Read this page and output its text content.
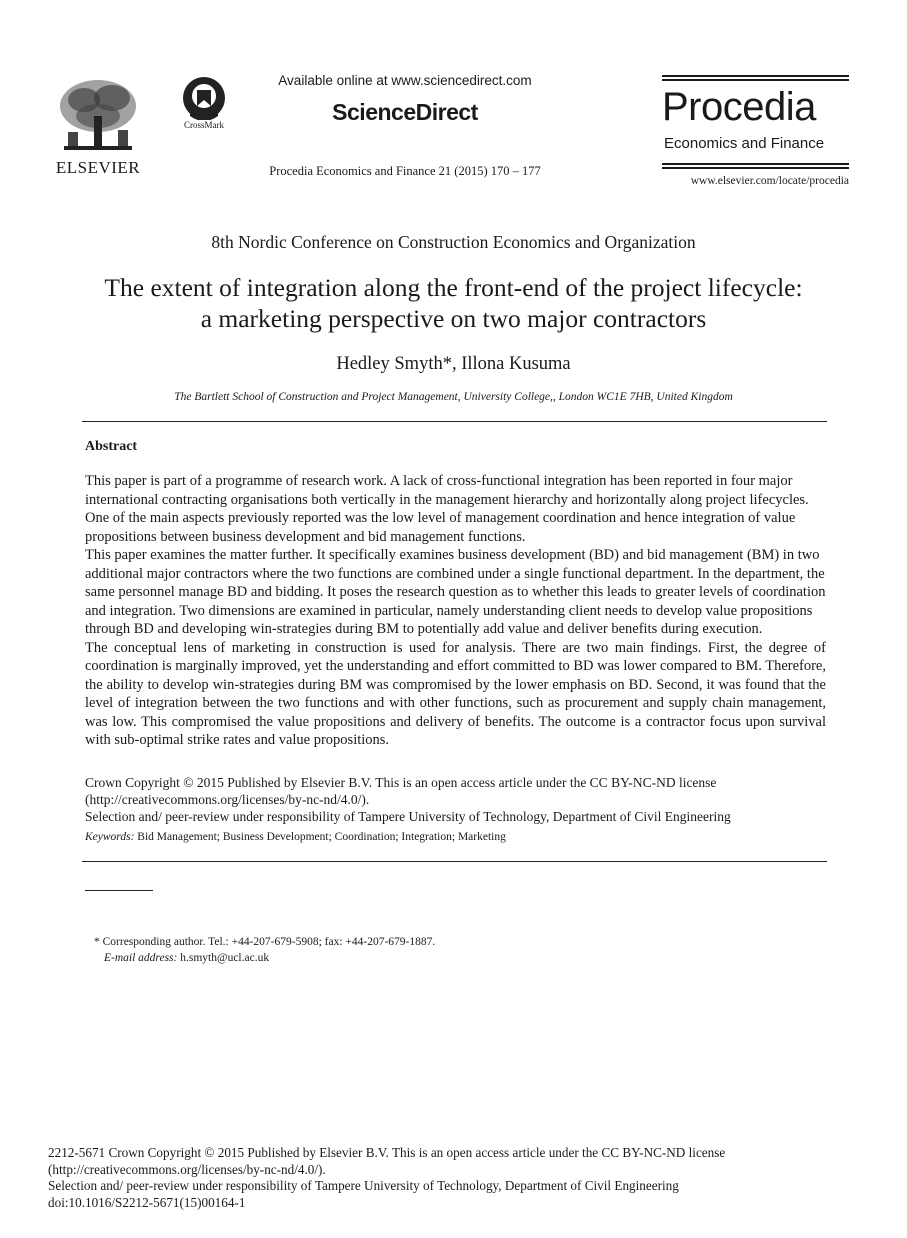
ELSEVIER
CrossMark
Available online at www.sciencedirect.com
ScienceDirect
Procedia Economics and Finance 21 (2015) 170 – 177
Procedia
Economics and Finance
www.elsevier.com/locate/procedia
8th Nordic Conference on Construction Economics and Organization
The extent of integration along the front-end of the project lifecycle:
a marketing perspective on two major contractors
Hedley Smyth*, Illona Kusuma
The Bartlett School of Construction and Project Management, University College,, London WC1E 7HB, United Kingdom
Abstract

This paper is part of a programme of research work. A lack of cross-functional integration has been reported in four major international contracting organisations both vertically in the management hierarchy and horizontally along project lifecycles. One of the main aspects previously reported was the low level of management coordination and hence integration of value propositions between business development and bid management functions.

This paper examines the matter further. It specifically examines business development (BD) and bid management (BM) in two additional major contractors where the two functions are combined under a single functional department. In the department, the same personnel manage BD and bidding. It poses the research question as to whether this leads to greater levels of coordination and integration. Two dimensions are examined in particular, namely understanding client needs to develop value propositions through BD and developing win-strategies during BM to potentially add value and deliver benefits during execution.

The conceptual lens of marketing in construction is used for analysis. There are two main findings. First, the degree of coordination is marginally improved, yet the understanding and effort committed to BD was lower compared to BM. Therefore, the ability to develop win-strategies during BM was compromised by the lower emphasis on BD. Second, it was found that the level of integration between the two functions and with other functions, such as procurement and supply chain management, was low. This compromised the value propositions and delivery of benefits. The outcome is a contractor focus upon survival with sub-optimal strike rates and value propositions.

Crown Copyright © 2015 Published by Elsevier B.V. This is an open access article under the CC BY-NC-ND license
(http://creativecommons.org/licenses/by-nc-nd/4.0/).
Selection and/ peer-review under responsibility of Tampere University of Technology, Department of Civil Engineering
Keywords: Bid Management; Business Development; Coordination; Integration; Marketing
* Corresponding author. Tel.: +44-207-679-5908; fax: +44-207-679-1887.
E-mail address: h.smyth@ucl.ac.uk
2212-5671 Crown Copyright © 2015 Published by Elsevier B.V. This is an open access article under the CC BY-NC-ND license
(http://creativecommons.org/licenses/by-nc-nd/4.0/).
Selection and/ peer-review under responsibility of Tampere University of Technology, Department of Civil Engineering
doi:10.1016/S2212-5671(15)00164-1
